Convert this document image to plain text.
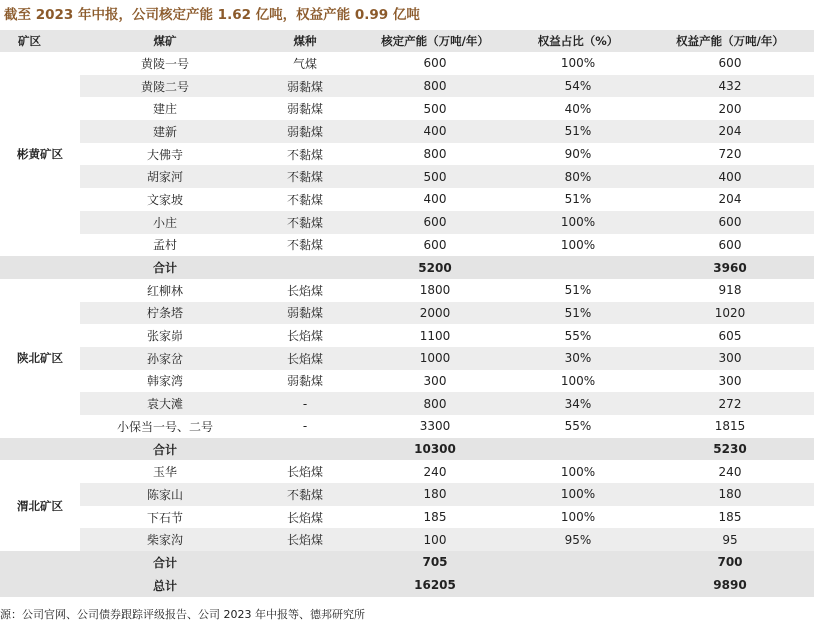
截至 2023 年中报，公司核定产能 1.62 亿吨，权益产能 0.99 亿吨
矿区	煤矿	煤种	核定产能（万吨/年）	权益占比（%）	权益产能（万吨/年）
彬黄矿区	黄陵一号	气煤	600	100%	600
	黄陵二号	弱黏煤	800	54%	432
	建庄	弱黏煤	500	40%	200
	建新	弱黏煤	400	51%	204
	大佛寺	不黏煤	800	90%	720
	胡家河	不黏煤	500	80%	400
	文家坡	不黏煤	400	51%	204
	小庄	不黏煤	600	100%	600
	孟村	不黏煤	600	100%	600
	合计		5200		3960
陕北矿区	红柳林	长焰煤	1800	51%	918
	柠条塔	弱黏煤	2000	51%	1020
	张家峁	长焰煤	1100	55%	605
	孙家岔	长焰煤	1000	30%	300
	韩家湾	弱黏煤	300	100%	300
	袁大滩	-	800	34%	272
	小保当一号、二号	-	3300	55%	1815
	合计		10300		5230
渭北矿区	玉华	长焰煤	240	100%	240
	陈家山	不黏煤	180	100%	180
	下石节	长焰煤	185	100%	185
	柴家沟	长焰煤	100	95%	95
	合计		705		700
	总计		16205		9890
源：公司官网、公司债券跟踪评级报告、公司 2023 年中报等、德邦研究所
